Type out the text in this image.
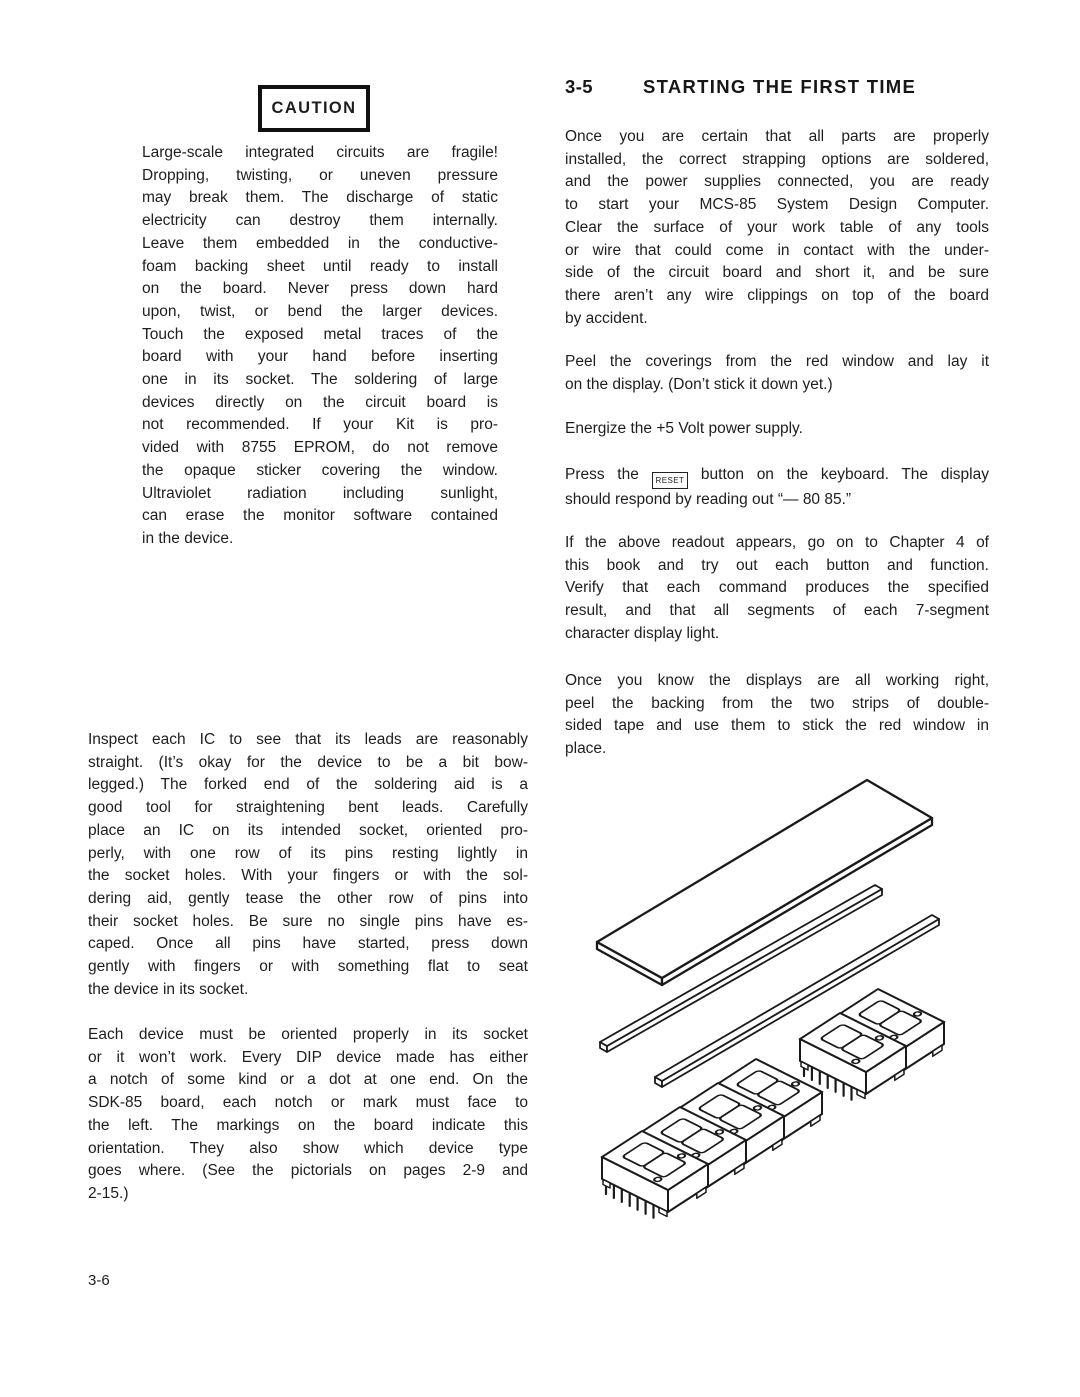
CAUTION
Large-scale integrated circuits are fragile!
Dropping, twisting, or uneven pressure
may break them. The discharge of static
electricity can destroy them internally.
Leave them embedded in the conductive-
foam backing sheet until ready to install
on the board. Never press down hard
upon, twist, or bend the larger devices.
Touch the exposed metal traces of the
board with your hand before inserting
one in its socket. The soldering of large
devices directly on the circuit board is
not recommended. If your Kit is pro-
vided with 8755 EPROM, do not remove
the opaque sticker covering the window.
Ultraviolet radiation including sunlight,
can erase the monitor software contained
in the device.
Inspect each IC to see that its leads are reasonably
straight. (It’s okay for the device to be a bit bow-
legged.) The forked end of the soldering aid is a
good tool for straightening bent leads. Carefully
place an IC on its intended socket, oriented pro-
perly, with one row of its pins resting lightly in
the socket holes. With your fingers or with the sol-
dering aid, gently tease the other row of pins into
their socket holes. Be sure no single pins have es-
caped. Once all pins have started, press down
gently with fingers or with something flat to seat
the device in its socket.
Each device must be oriented properly in its socket
or it won’t work. Every DIP device made has either
a notch of some kind or a dot at one end. On the
SDK-85 board, each notch or mark must face to
the left. The markings on the board indicate this
orientation. They also show which device type
goes where. (See the pictorials on pages 2-9 and
2-15.)
3-5	STARTING THE FIRST TIME
Once you are certain that all parts are properly
installed, the correct strapping options are soldered,
and the power supplies connected, you are ready
to start your MCS-85 System Design Computer.
Clear the surface of your work table of any tools
or wire that could come in contact with the under-
side of the circuit board and short it, and be sure
there aren’t any wire clippings on top of the board
by accident.
Peel the coverings from the red window and lay it
on the display. (Don’t stick it down yet.)
Energize the +5 Volt power supply.
Press the RESET button on the keyboard. The display
should respond by reading out “— 80 85.”
If the above readout appears, go on to Chapter 4 of
this book and try out each button and function.
Verify that each command produces the specified
result, and that all segments of each 7-segment
character display light.
Once you know the displays are all working right,
peel the backing from the two strips of double-
sided tape and use them to stick the red window in
place.
3-6
